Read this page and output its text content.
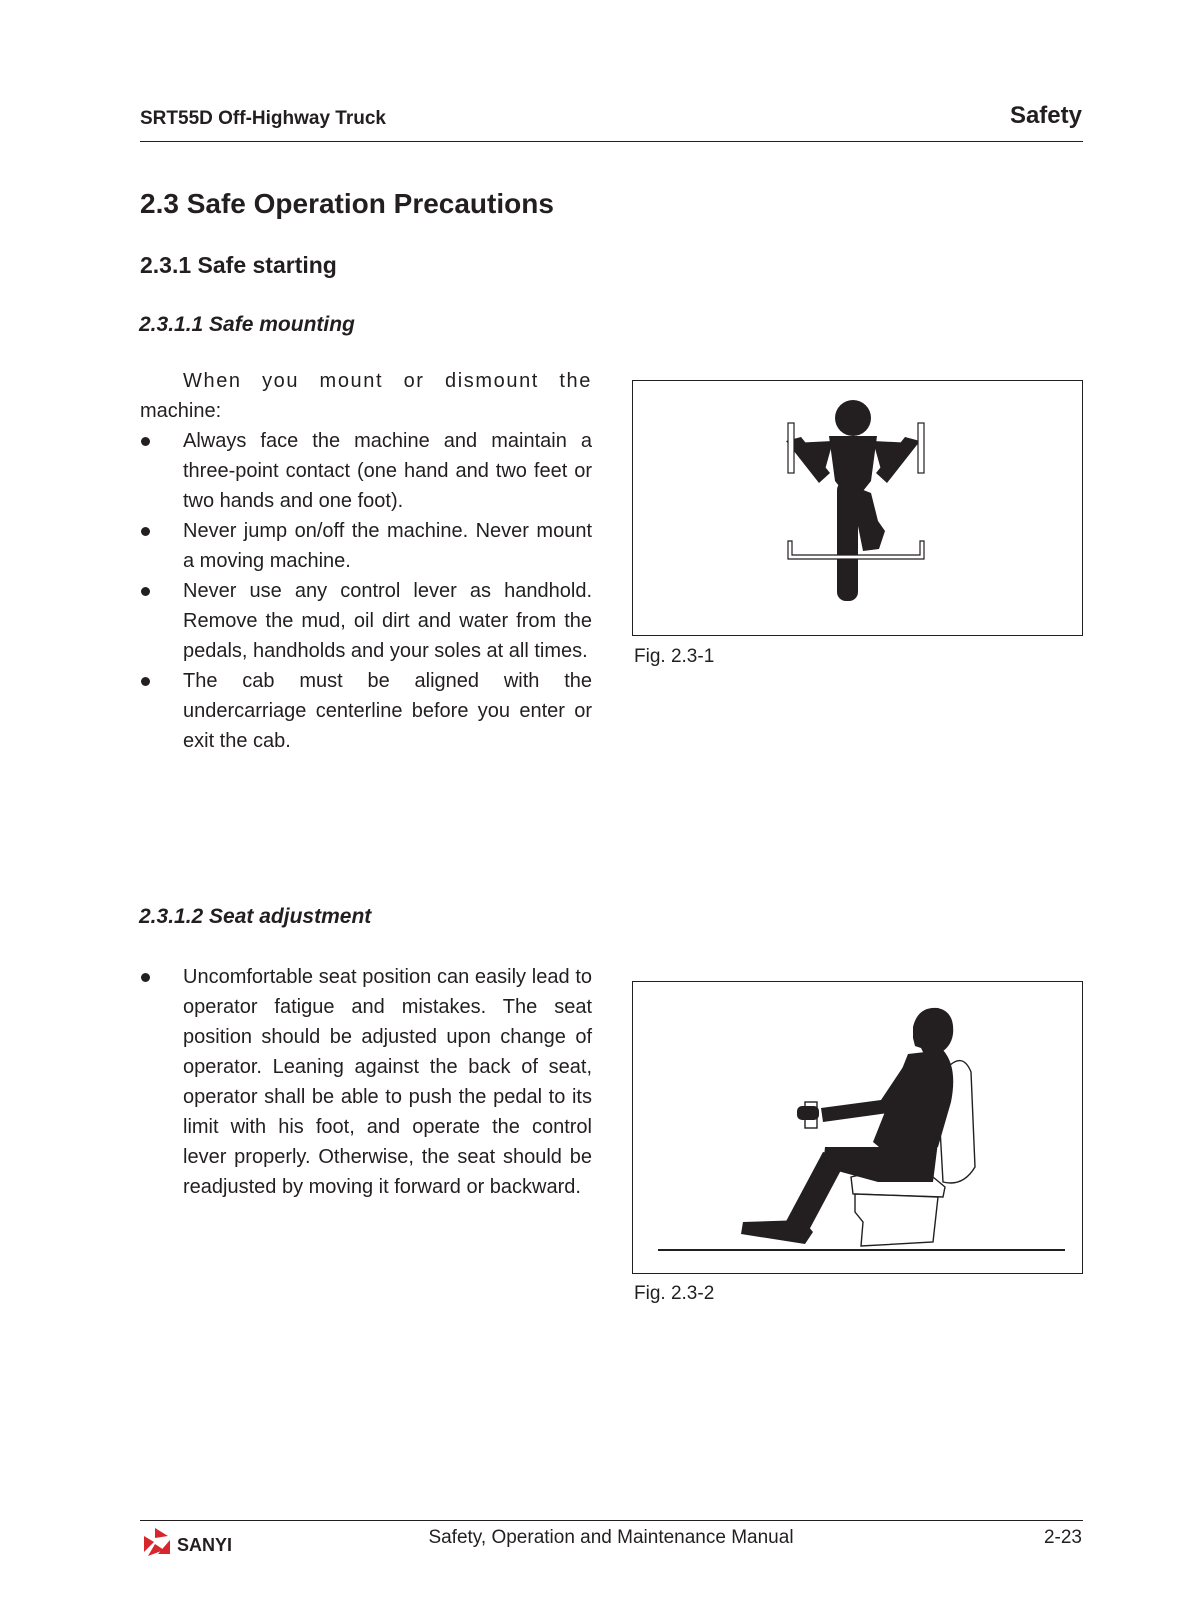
SRT55D Off-Highway Truck	Safety
2.3 Safe Operation Precautions
2.3.1 Safe starting
2.3.1.1 Safe mounting
When you mount or dismount the
machine:
Always face the machine and maintain a three-point contact (one hand and two feet or two hands and one foot).
Never jump on/off the machine. Never mount a moving machine.
Never use any control lever as handhold. Remove the mud, oil dirt and water from the pedals, handholds and your soles at all times.
The cab must be aligned with the undercarriage centerline before you enter or exit the cab.
Fig. 2.3-1
2.3.1.2 Seat adjustment
Uncomfortable seat position can easily lead to operator fatigue and mistakes. The seat position should be adjusted upon change of operator. Leaning against the back of seat, operator shall be able to push the pedal to its limit with his foot, and operate the control lever properly. Otherwise, the seat should be readjusted by moving it forward or backward.
Fig. 2.3-2
SANYI	Safety, Operation and Maintenance Manual	2-23
